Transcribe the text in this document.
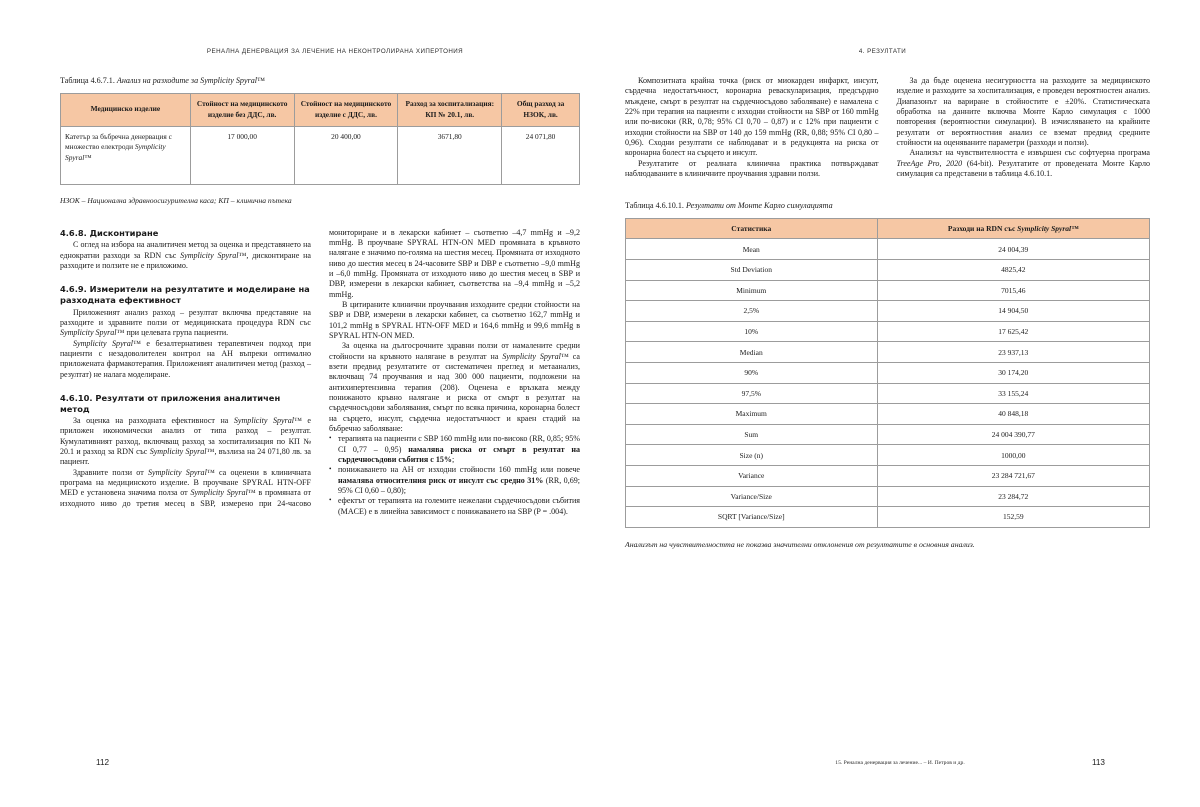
РЕНАЛНА ДЕНЕРВАЦИЯ ЗА ЛЕЧЕНИЕ НА НЕКОНТРОЛИРАНА ХИПЕРТОНИЯ
Таблица 4.6.7.1. Анализ на разходите за Symplicity Spyral™
Медицинско изделие	Стойност на медицинското изделие без ДДС, лв.	Стойност на медицинското изделие с ДДС, лв.	Разход за хоспитализация: КП № 20.1, лв.	Общ разход за НЗОК, лв.
Катетър за бъбречна денервация с множество електроди Symplicity Spyral™	17 000,00	20 400,00	3671,80	24 071,80
НЗОК – Национална здравноосигурителна каса; КП – клинична пътека
4.6.8. Дисконтиране

С оглед на избора на аналитичен метод за оценка и представянето на еднократни разходи за RDN със Symplicity Spyral™, дисконтиране на разходите и ползите не е приложимо.

4.6.9. Измерители на резултатите и моделиране на разходната ефективност

Приложеният анализ разход – резултат включва представяне на разходите и здравните ползи от медицинската процедура RDN със Symplicity Spyral™ при целевата група пациенти.

Symplicity Spyral™ е безалтернативен терапевтичен подход при пациенти с незадоволителен контрол на АН въпреки оптимално приложената фармакотерапия. Приложеният аналитичен метод (разход – резултат) не налага моделиране.

4.6.10. Резултати от приложения аналитичен метод

За оценка на разходната ефективност на Symplicity Spyral™ е приложен икономически анализ от типа разход – резултат. Кумулативният разход, включващ разход за хоспитализация по КП № 20.1 и разход за RDN със Symplicity Spyral™, възлиза на 24 071,80 лв. за пациент.

Здравните ползи от Symplicity Spyral™ са оценени в клиничната програма на медицинското изделие. В проучване SPYRAL HTN-OFF MED е установена значима полза от Symplicity Spyral™ в промяната от изходното ниво до третия месец в SBP, измерено при 24-часово мониториране и в лекарски кабинет – съответно –4,7 mmHg и –9,2 mmHg. В проучване SPYRAL HTN-ON MED промяната в кръвното налягане е значимо по-голяма на шестия месец. Промяната от изходното ниво до шестия месец в 24-часовите SBP и DBP е съответно –9,0 mmHg и –6,0 mmHg. Промяната от изходното ниво до шестия месец в SBP и DBP, измерени в лекарски кабинет, съответства на –9,4 mmHg и –5,2 mmHg.

В цитираните клинични проучвания изходните средни стойности на SBP и DBP, измерени в лекарски кабинет, са съответно 162,7 mmHg и 101,2 mmHg в SPYRAL HTN-OFF MED и 164,6 mmHg и 99,6 mmHg в SPYRAL HTN-ON MED.

За оценка на дългосрочните здравни ползи от намалените средни стойности на кръвното налягане в резултат на Symplicity Spyral™ са взети предвид резултатите от систематичен преглед и метаанализ, включващ 74 проучвания и над 300 000 пациенти, подложени на антихипертензивна терапия (208). Оценена е връзката между понижаното кръвно налягане и риска от смърт в резултат на сърдечносъдови заболявания, смърт по всяка причина, коронарна болест на сърцето, инсулт, сърдечна недостатъчност и краен стадий на бъбречно заболяване:

• терапията на пациенти с SBP 160 mmHg или по-високо (RR, 0,85; 95% CI 0,77 – 0,95) намалява риска от смърт в резултат на сърдечносъдови събития с 15%;
• понижаването на АН от изходни стойности 160 mmHg или повече намалява относителния риск от инсулт със средно 31% (RR, 0,69; 95% CI 0,60 – 0,80);
• ефектът от терапията на големите нежелани сърдечносъдови събития (MACE) е в линейна зависимост с понижаването на SBP (P = .004).
112
4. РЕЗУЛТАТИ

Композитната крайна точка (риск от миокарден инфаркт, инсулт, сърдечна недостатъчност, коронарна реваскуларизация, предсърдно мъждене, смърт в резултат на сърдечносъдово заболяване) е намалена с 22% при терапия на пациенти с изходни стойности на SBP от 160 mmHg или по-високи (RR, 0,78; 95% CI 0,70 – 0,87) и с 12% при пациенти с изходни стойности на SBP от 140 до 159 mmHg (RR, 0,88; 95% CI 0,80 – 0,96). Сходни резултати се наблюдават и в редукцията на риска от коронарна болест на сърцето и инсулт.

Резултатите от реалната клинична практика потвърждават наблюдаваните в клиничните проучвания здравни ползи.

За да бъде оценена несигурността на разходите за медицинското изделие и разходите за хоспитализация, е проведен вероятностен анализ. Диапазонът на вариране в стойностите е ±20%. Статистическата обработка на данните включва Монте Карло симулация с 1000 повторения (вероятностни симулации). В изчисляването на крайните резултати от вероятностния анализ се вземат предвид средните стойности на оценяваните параметри (разходи и ползи).

Анализът на чувствителността е извършен със софтуерна програма TreeAge Pro, 2020 (64-bit). Резултатите от проведената Монте Карло симулация са представени в таблица 4.6.10.1.

Таблица 4.6.10.1. Резултати от Монте Карло симулацията
Статистика	Разходи на RDN със Symplicity Spyral™
Mean	24 004,39
Std Deviation	4825,42
Minimum	7015,46
2,5%	14 904,50
10%	17 625,42
Median	23 937,13
90%	30 174,20
97,5%	33 155,24
Maximum	40 848,18
Sum	24 004 390,77
Size (n)	1000,00
Variance	23 284 721,67
Variance/Size	23 284,72
SQRT [Variance/Size]	152,59
Анализът на чувствителността не показва значителни отклонения от резултатите в основния анализ.
15. Ренална денервация за лечение... – И. Петров и др.	113
